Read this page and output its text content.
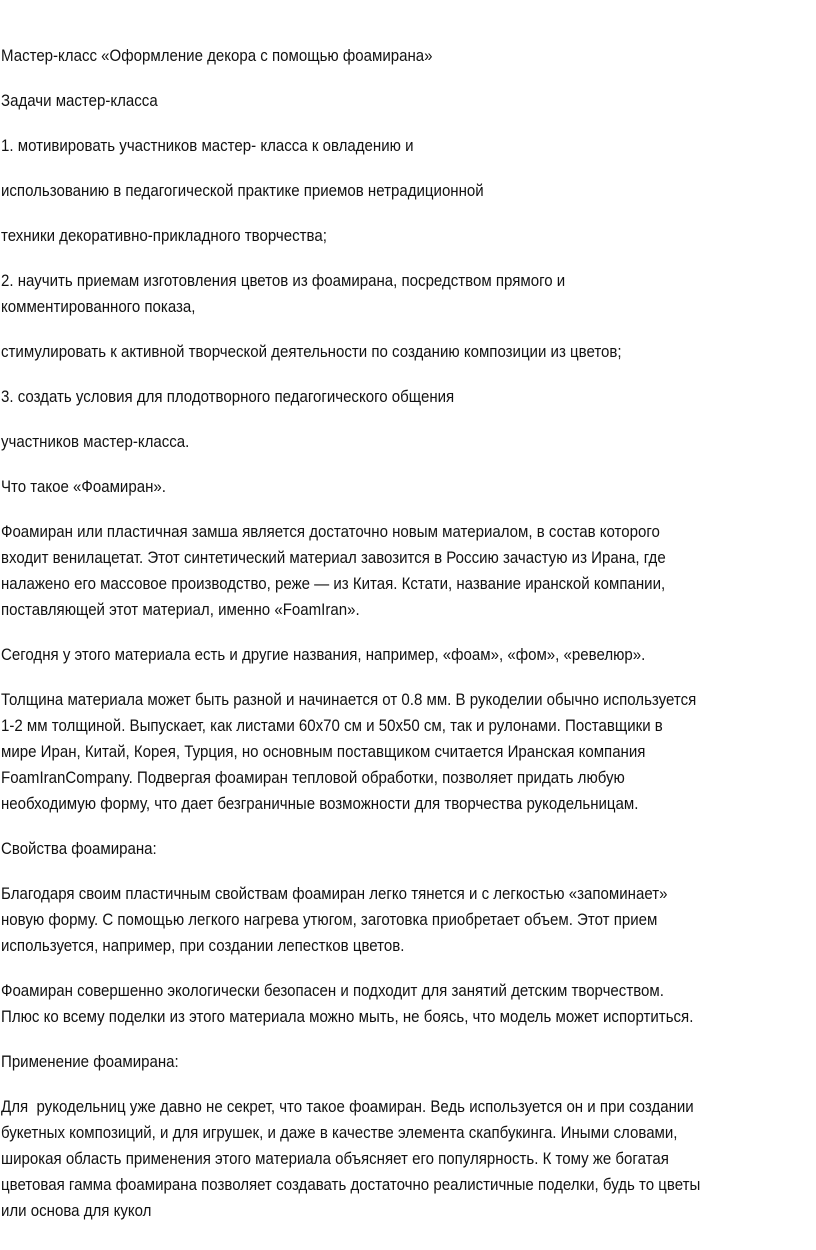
Мастер-класс «Оформление декора с помощью фоамирана»
Задачи мастер-класса
1. мотивировать участников мастер- класса к овладению и
использованию в педагогической практике приемов нетрадиционной
техники декоративно-прикладного творчества;
2. научить приемам изготовления цветов из фоамирана, посредством прямого и
комментированного показа,
стимулировать к активной творческой деятельности по созданию композиции из цветов;
3. создать условия для плодотворного педагогического общения
участников мастер-класса.
Что такое «Фоамиран».
Фоамиран или пластичная замша является достаточно новым материалом, в состав которого
входит венилацетат. Этот синтетический материал завозится в Россию зачастую из Ирана, где
налажено его массовое производство, реже — из Китая. Кстати, название иранской компании,
поставляющей этот материал, именно «FoamIran».
Сегодня у этого материала есть и другие названия, например, «фоам», «фом», «ревелюр».
Толщина материала может быть разной и начинается от 0.8 мм. В рукоделии обычно используется
1-2 мм толщиной. Выпускает, как листами 60х70 см и 50х50 см, так и рулонами. Поставщики в
мире Иран, Китай, Корея, Турция, но основным поставщиком считается Иранская компания
FoamIranCompany. Подвергая фоамиран тепловой обработки, позволяет придать любую
необходимую форму, что дает безграничные возможности для творчества рукодельницам.
Свойства фоамирана:
Благодаря своим пластичным свойствам фоамиран легко тянется и с легкостью «запоминает»
новую форму. С помощью легкого нагрева утюгом, заготовка приобретает объем. Этот прием
используется, например, при создании лепестков цветов.
Фоамиран совершенно экологически безопасен и подходит для занятий детским творчеством.
Плюс ко всему поделки из этого материала можно мыть, не боясь, что модель может испортиться.
Применение фоамирана:
Для  рукодельниц уже давно не секрет, что такое фоамиран. Ведь используется он и при создании
букетных композиций, и для игрушек, и даже в качестве элемента скапбукинга. Иными словами,
широкая область применения этого материала объясняет его популярность. К тому же богатая
цветовая гамма фоамирана позволяет создавать достаточно реалистичные поделки, будь то цветы
или основа для кукол
